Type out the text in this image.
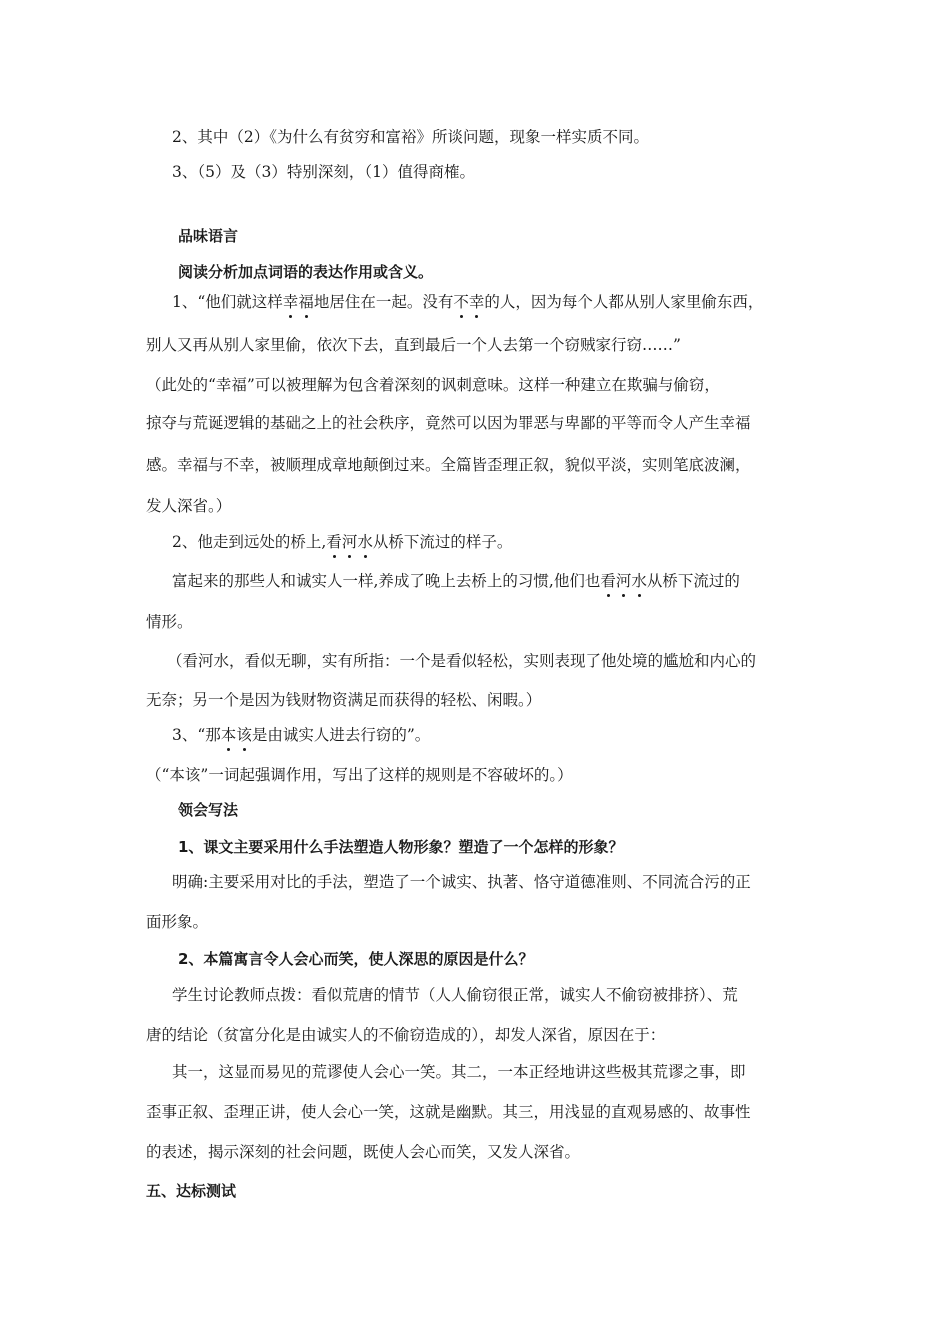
2、其中（2）《为什么有贫穷和富裕》所谈问题，现象一样实质不同。
3、（5）及（3）特别深刻，（1）值得商榷。
品味语言
阅读分析加点词语的表达作用或含义。
1、“他们就这样幸福地居住在一起。没有不幸的人，因为每个人都从别人家里偷东西，
别人又再从别人家里偷，依次下去，直到最后一个人去第一个窃贼家行窃……”
（此处的“幸福”可以被理解为包含着深刻的讽刺意味。这样一种建立在欺骗与偷窃，
掠夺与荒诞逻辑的基础之上的社会秩序，竟然可以因为罪恶与卑鄙的平等而令人产生幸福
感。幸福与不幸，被顺理成章地颠倒过来。全篇皆歪理正叙，貌似平淡，实则笔底波澜，
发人深省。）
2、他走到远处的桥上,看河水从桥下流过的样子。
富起来的那些人和诚实人一样,养成了晚上去桥上的习惯,他们也看河水从桥下流过的
情形。
（看河水，看似无聊，实有所指：一个是看似轻松，实则表现了他处境的尴尬和内心的
无奈；另一个是因为钱财物资满足而获得的轻松、闲暇。）
3、“那本该是由诚实人进去行窃的”。
（“本该”一词起强调作用，写出了这样的规则是不容破坏的。）
领会写法
1、课文主要采用什么手法塑造人物形象？塑造了一个怎样的形象？
明确:主要采用对比的手法，塑造了一个诚实、执著、恪守道德准则、不同流合污的正
面形象。
2、本篇寓言令人会心而笑，使人深思的原因是什么？
学生讨论教师点拨：看似荒唐的情节（人人偷窃很正常，诚实人不偷窃被排挤）、荒
唐的结论（贫富分化是由诚实人的不偷窃造成的），却发人深省，原因在于：
其一，这显而易见的荒谬使人会心一笑。其二，一本正经地讲这些极其荒谬之事，即
歪事正叙、歪理正讲，使人会心一笑，这就是幽默。其三，用浅显的直观易感的、故事性
的表述，揭示深刻的社会问题，既使人会心而笑，又发人深省。
五、达标测试
